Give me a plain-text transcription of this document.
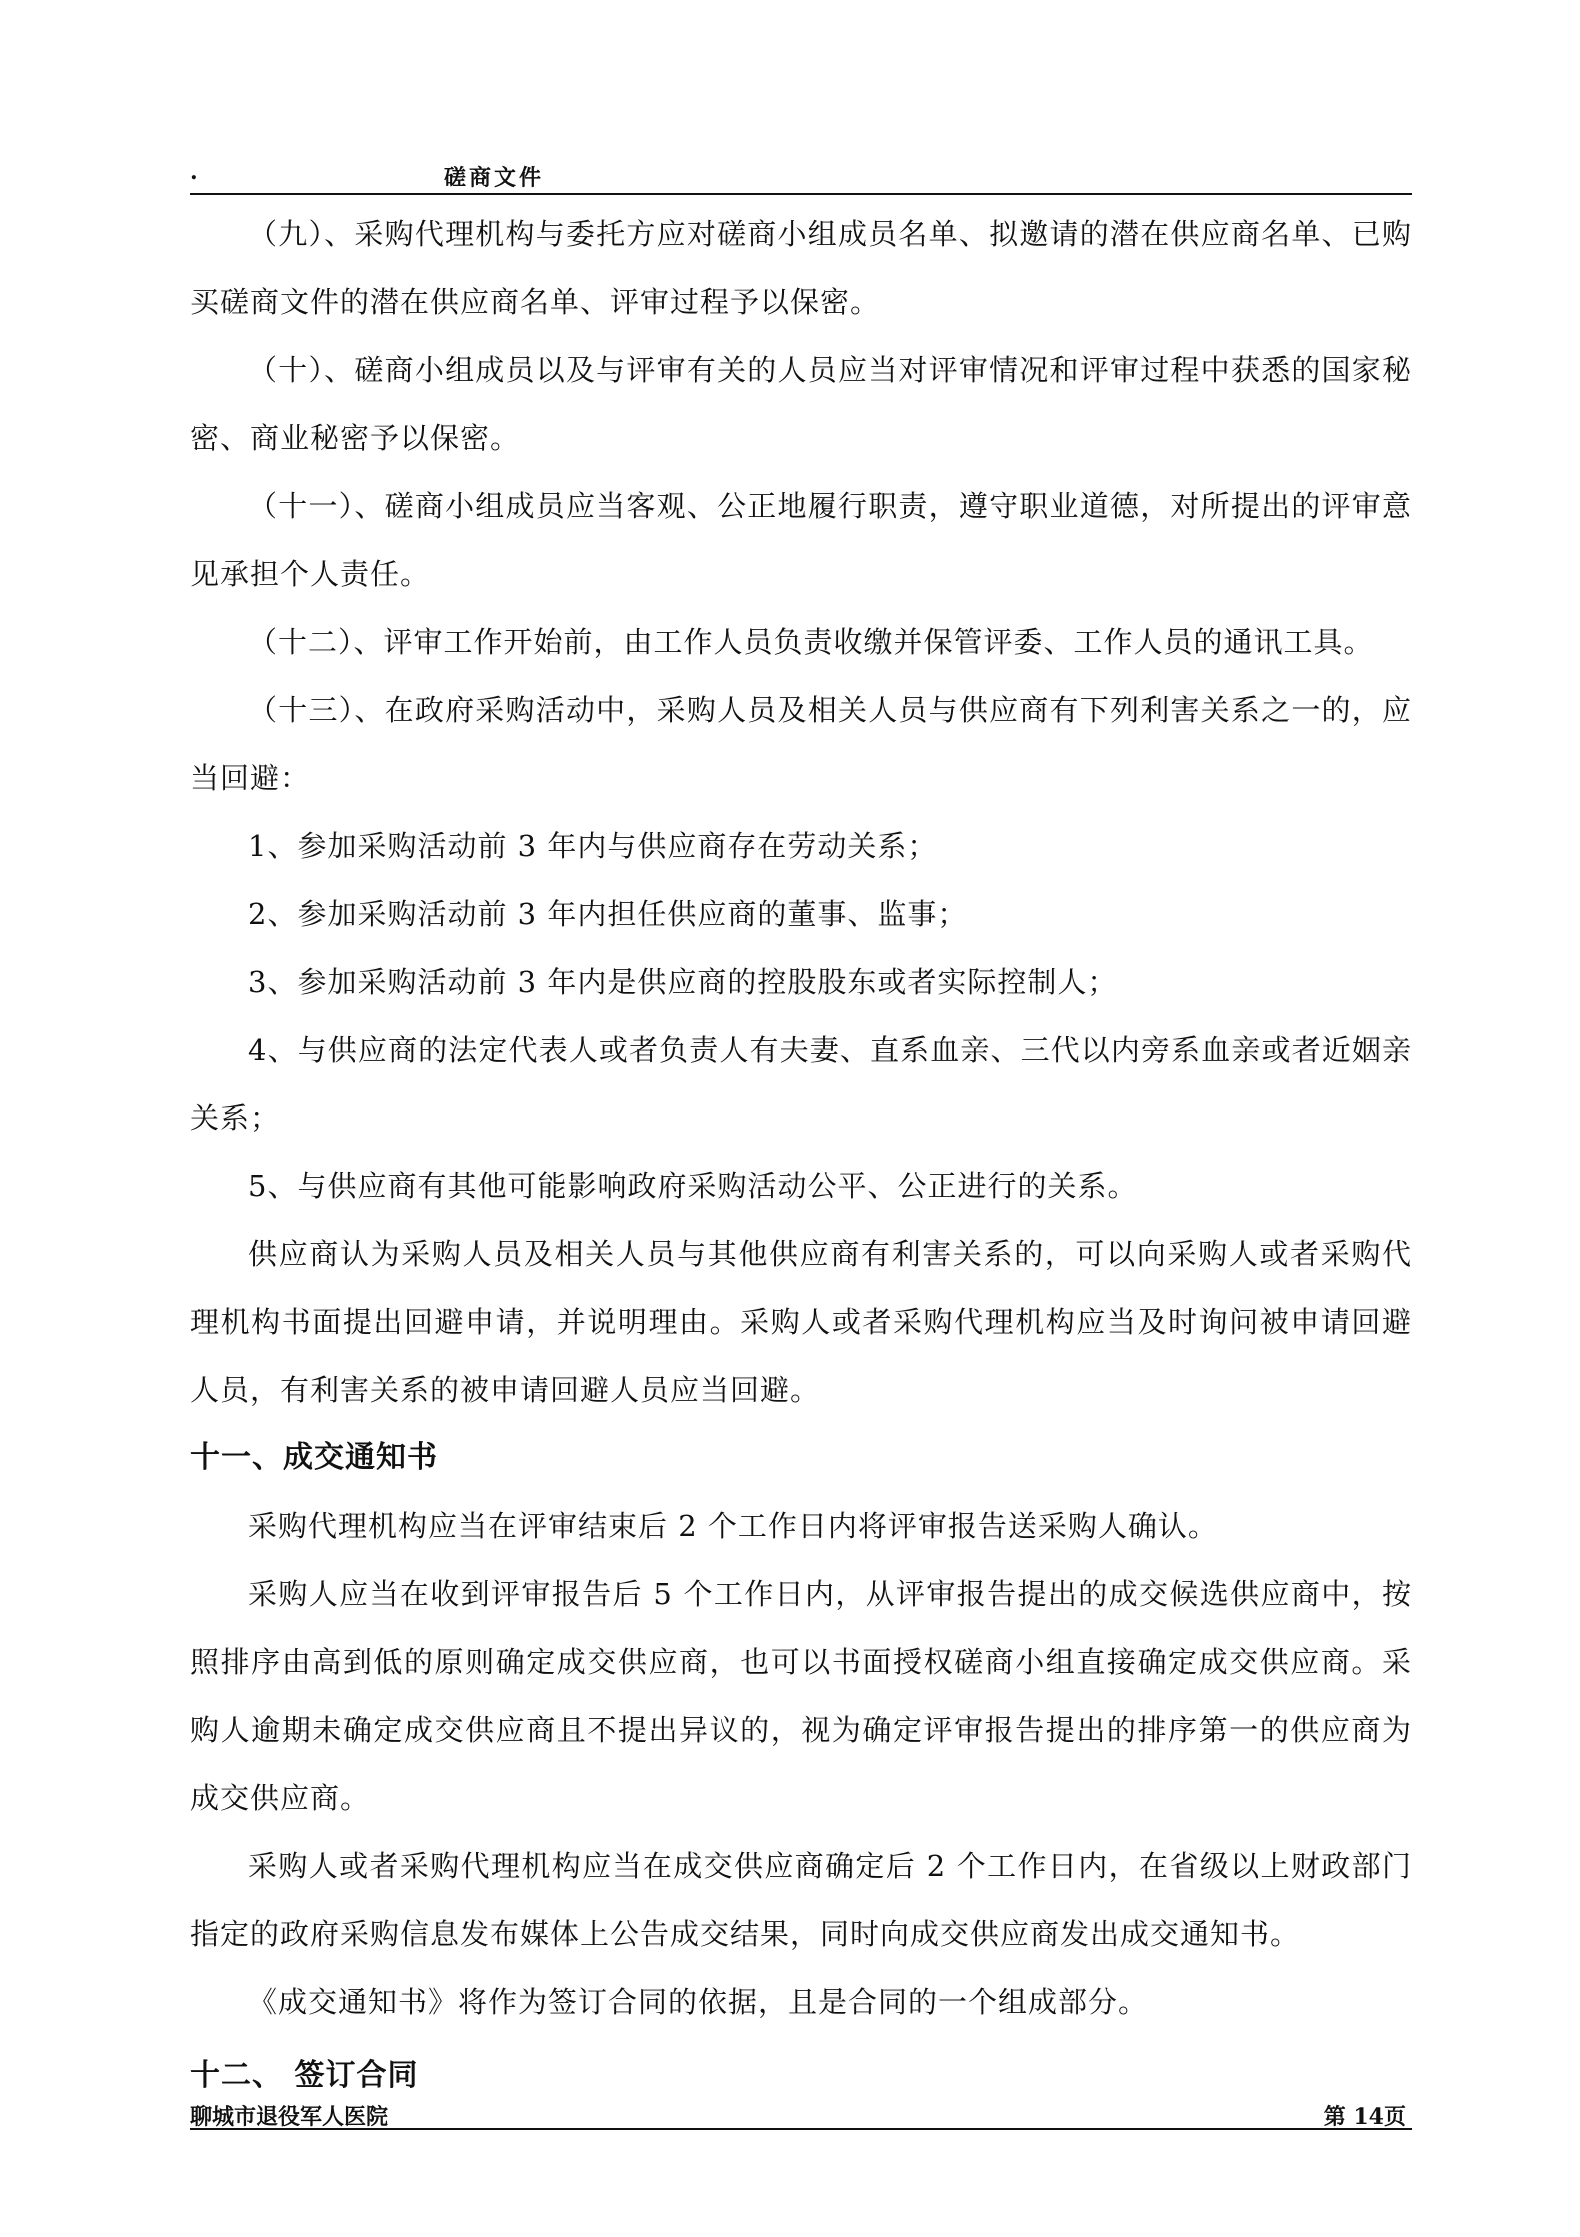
.	磋商文件

（九）、采购代理机构与委托方应对磋商小组成员名单、拟邀请的潜在供应商名单、已购买磋商文件的潜在供应商名单、评审过程予以保密。

（十）、磋商小组成员以及与评审有关的人员应当对评审情况和评审过程中获悉的国家秘密、商业秘密予以保密。

（十一）、磋商小组成员应当客观、公正地履行职责，遵守职业道德，对所提出的评审意见承担个人责任。

（十二）、评审工作开始前，由工作人员负责收缴并保管评委、工作人员的通讯工具。

（十三）、在政府采购活动中，采购人员及相关人员与供应商有下列利害关系之一的，应当回避：

1、参加采购活动前 3 年内与供应商存在劳动关系；

2、参加采购活动前 3 年内担任供应商的董事、监事；

3、参加采购活动前 3 年内是供应商的控股股东或者实际控制人；

4、与供应商的法定代表人或者负责人有夫妻、直系血亲、三代以内旁系血亲或者近姻亲关系；

5、与供应商有其他可能影响政府采购活动公平、公正进行的关系。

供应商认为采购人员及相关人员与其他供应商有利害关系的，可以向采购人或者采购代理机构书面提出回避申请，并说明理由。采购人或者采购代理机构应当及时询问被申请回避人员，有利害关系的被申请回避人员应当回避。

十一、成交通知书

采购代理机构应当在评审结束后 2 个工作日内将评审报告送采购人确认。

采购人应当在收到评审报告后 5 个工作日内，从评审报告提出的成交候选供应商中，按照排序由高到低的原则确定成交供应商，也可以书面授权磋商小组直接确定成交供应商。采购人逾期未确定成交供应商且不提出异议的，视为确定评审报告提出的排序第一的供应商为成交供应商。

采购人或者采购代理机构应当在成交供应商确定后 2 个工作日内，在省级以上财政部门指定的政府采购信息发布媒体上公告成交结果，同时向成交供应商发出成交通知书。

《成交通知书》将作为签订合同的依据，且是合同的一个组成部分。

十二、 签订合同

聊城市退役军人医院	第 14页
